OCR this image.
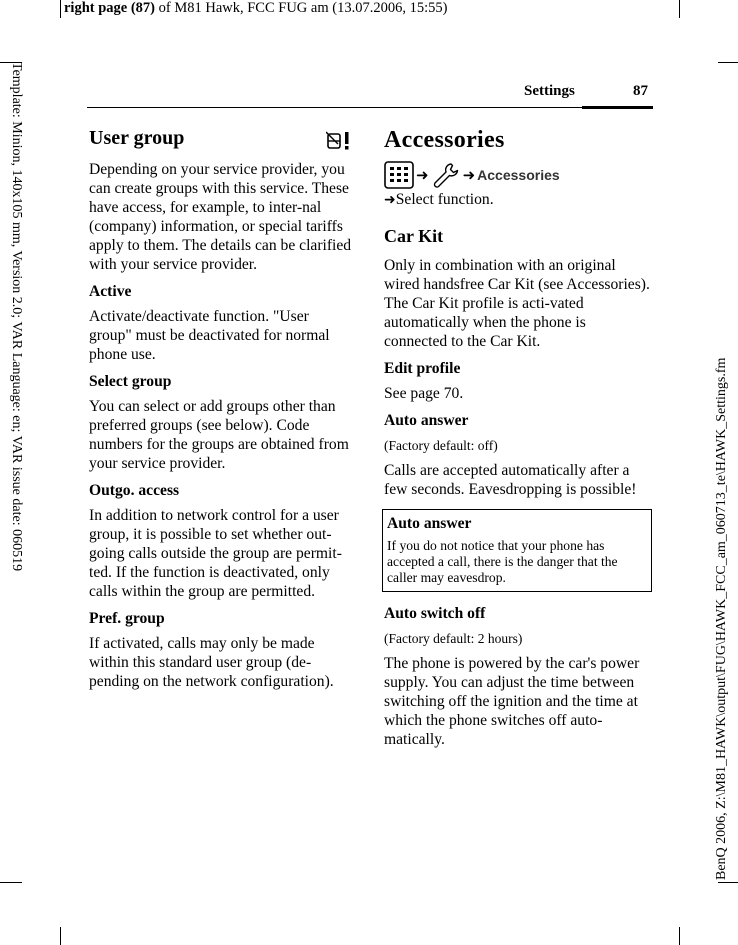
right page (87) of M81 Hawk, FCC FUG am (13.07.2006, 15:55)
Template: Minion, 140x105 mm, Version 2.0; VAR Language: en; VAR issue date: 060519
BenQ 2006, Z:\M81_HAWK\output\FUG\HAWK_FCC_am_060713_te\HAWK_Settings.fm
Settings	87
User group

Depending on your service provider, you can create groups with this service. These have access, for example, to inter-nal (company) information, or special tariffs apply to them. The details can be clarified with your service provider.

Active

Activate/deactivate function. "User group" must be deactivated for normal phone use.

Select group

You can select or add groups other than preferred groups (see below). Code numbers for the groups are obtained from your service provider.

Outgo. access

In addition to network control for a user group, it is possible to set whether out-going calls outside the group are permit-ted. If the function is deactivated, only calls within the group are permitted.

Pref. group

If activated, calls may only be made within this standard user group (de-pending on the network configuration).

Accessories
➜ ➜ Accessories

➜Select function.

Car Kit

Only in combination with an original wired handsfree Car Kit (see Accessories). The Car Kit profile is acti-vated automatically when the phone is connected to the Car Kit.

Edit profile

See page 70.

Auto answer
(Factory default: off)

Calls are accepted automatically after a few seconds. Eavesdropping is possible!

Auto answer
If you do not notice that your phone has accepted a call, there is the danger that the caller may eavesdrop.
Auto switch off
(Factory default: 2 hours)

The phone is powered by the car's power supply. You can adjust the time between switching off the ignition and the time at which the phone switches off auto-matically.
